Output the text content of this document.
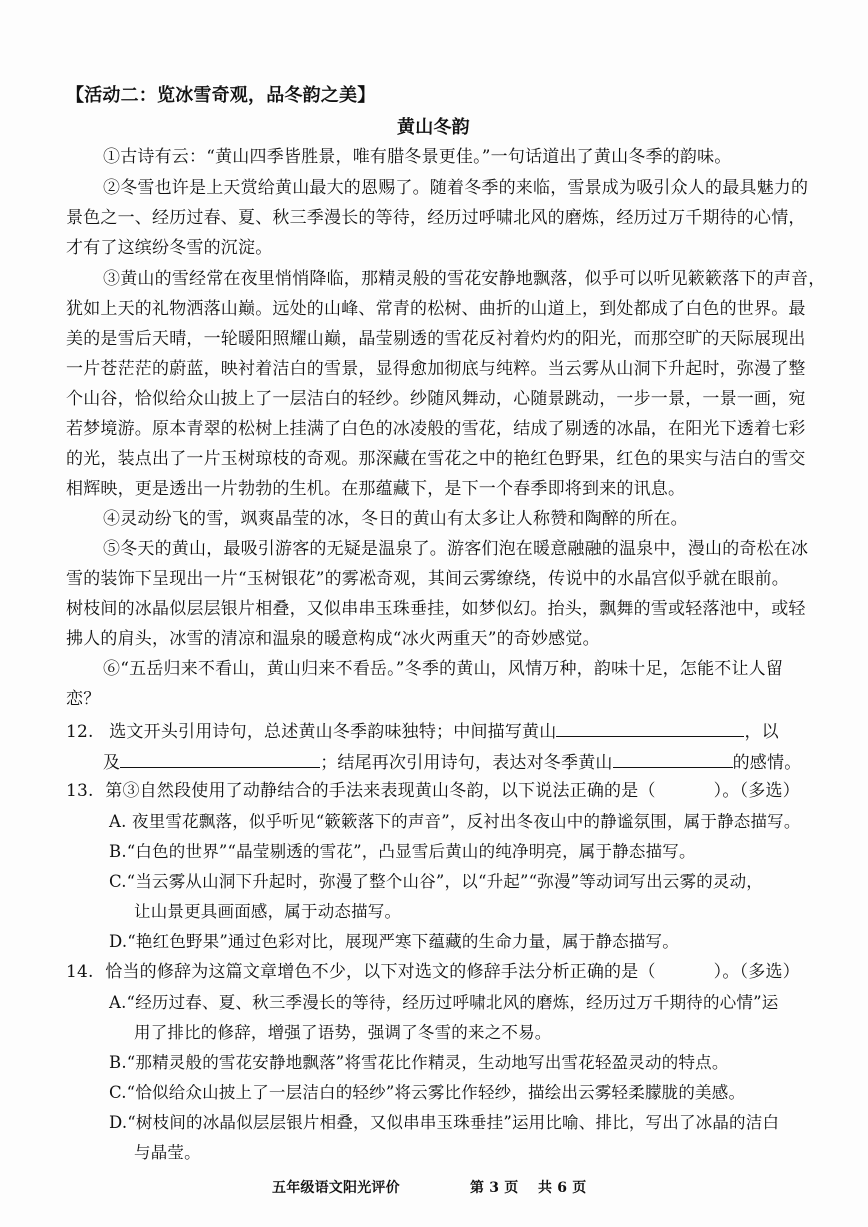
【活动二：览冰雪奇观，品冬韵之美】
黄山冬韵
①古诗有云：“黄山四季皆胜景，唯有腊冬景更佳。”一句话道出了黄山冬季的韵味。
②冬雪也许是上天赏给黄山最大的恩赐了。随着冬季的来临，雪景成为吸引众人的最具魅力的
景色之一、经历过春、夏、秋三季漫长的等待，经历过呼啸北风的磨炼，经历过万千期待的心情，
才有了这缤纷冬雪的沉淀。
③黄山的雪经常在夜里悄悄降临，那精灵般的雪花安静地飘落，似乎可以听见簌簌落下的声音，
犹如上天的礼物洒落山巅。远处的山峰、常青的松树、曲折的山道上，到处都成了白色的世界。最
美的是雪后天晴，一轮暖阳照耀山巅，晶莹剔透的雪花反衬着灼灼的阳光，而那空旷的天际展现出
一片苍茫茫的蔚蓝，映衬着洁白的雪景，显得愈加彻底与纯粹。当云雾从山洞下升起时，弥漫了整
个山谷，恰似给众山披上了一层洁白的轻纱。纱随风舞动，心随景跳动，一步一景，一景一画，宛
若梦境游。原本青翠的松树上挂满了白色的冰凌般的雪花，结成了剔透的冰晶，在阳光下透着七彩
的光，装点出了一片玉树琼枝的奇观。那深藏在雪花之中的艳红色野果，红色的果实与洁白的雪交
相辉映，更是透出一片勃勃的生机。在那蕴藏下，是下一个春季即将到来的讯息。
④灵动纷飞的雪，飒爽晶莹的冰，冬日的黄山有太多让人称赞和陶醉的所在。
⑤冬天的黄山，最吸引游客的无疑是温泉了。游客们泡在暖意融融的温泉中，漫山的奇松在冰
雪的装饰下呈现出一片“玉树银花”的雾凇奇观，其间云雾缭绕，传说中的水晶宫似乎就在眼前。
树枝间的冰晶似层层银片相叠，又似串串玉珠垂挂，如梦似幻。抬头，飘舞的雪或轻落池中，或轻
拂人的肩头，冰雪的清凉和温泉的暖意构成“冰火两重天”的奇妙感觉。
⑥“五岳归来不看山，黄山归来不看岳。”冬季的黄山，风情万种，韵味十足，怎能不让人留
恋？
12. 选文开头引用诗句，总述黄山冬季韵味独特；中间描写黄山	，以
及	；结尾再次引用诗句，表达对冬季黄山	的感情。
13. 第③自然段使用了动静结合的手法来表现黄山冬韵，以下说法正确的是（	）。（多选）
A. 夜里雪花飘落，似乎听见“簌簌落下的声音”，反衬出冬夜山中的静谧氛围，属于静态描写。
B.“白色的世界”“晶莹剔透的雪花”，凸显雪后黄山的纯净明亮，属于静态描写。
C.“当云雾从山洞下升起时，弥漫了整个山谷”，以“升起”“弥漫”等动词写出云雾的灵动，
让山景更具画面感，属于动态描写。
D.“艳红色野果”通过色彩对比，展现严寒下蕴藏的生命力量，属于静态描写。
14. 恰当的修辞为这篇文章增色不少，以下对选文的修辞手法分析正确的是（	）。（多选）
A.“经历过春、夏、秋三季漫长的等待，经历过呼啸北风的磨炼，经历过万千期待的心情”运
用了排比的修辞，增强了语势，强调了冬雪的来之不易。
B.“那精灵般的雪花安静地飘落”将雪花比作精灵，生动地写出雪花轻盈灵动的特点。
C.“恰似给众山披上了一层洁白的轻纱”将云雾比作轻纱，描绘出云雾轻柔朦胧的美感。
D.“树枝间的冰晶似层层银片相叠，又似串串玉珠垂挂”运用比喻、排比，写出了冰晶的洁白
与晶莹。
五年级语文阳光评价	第 3 页 共 6 页
